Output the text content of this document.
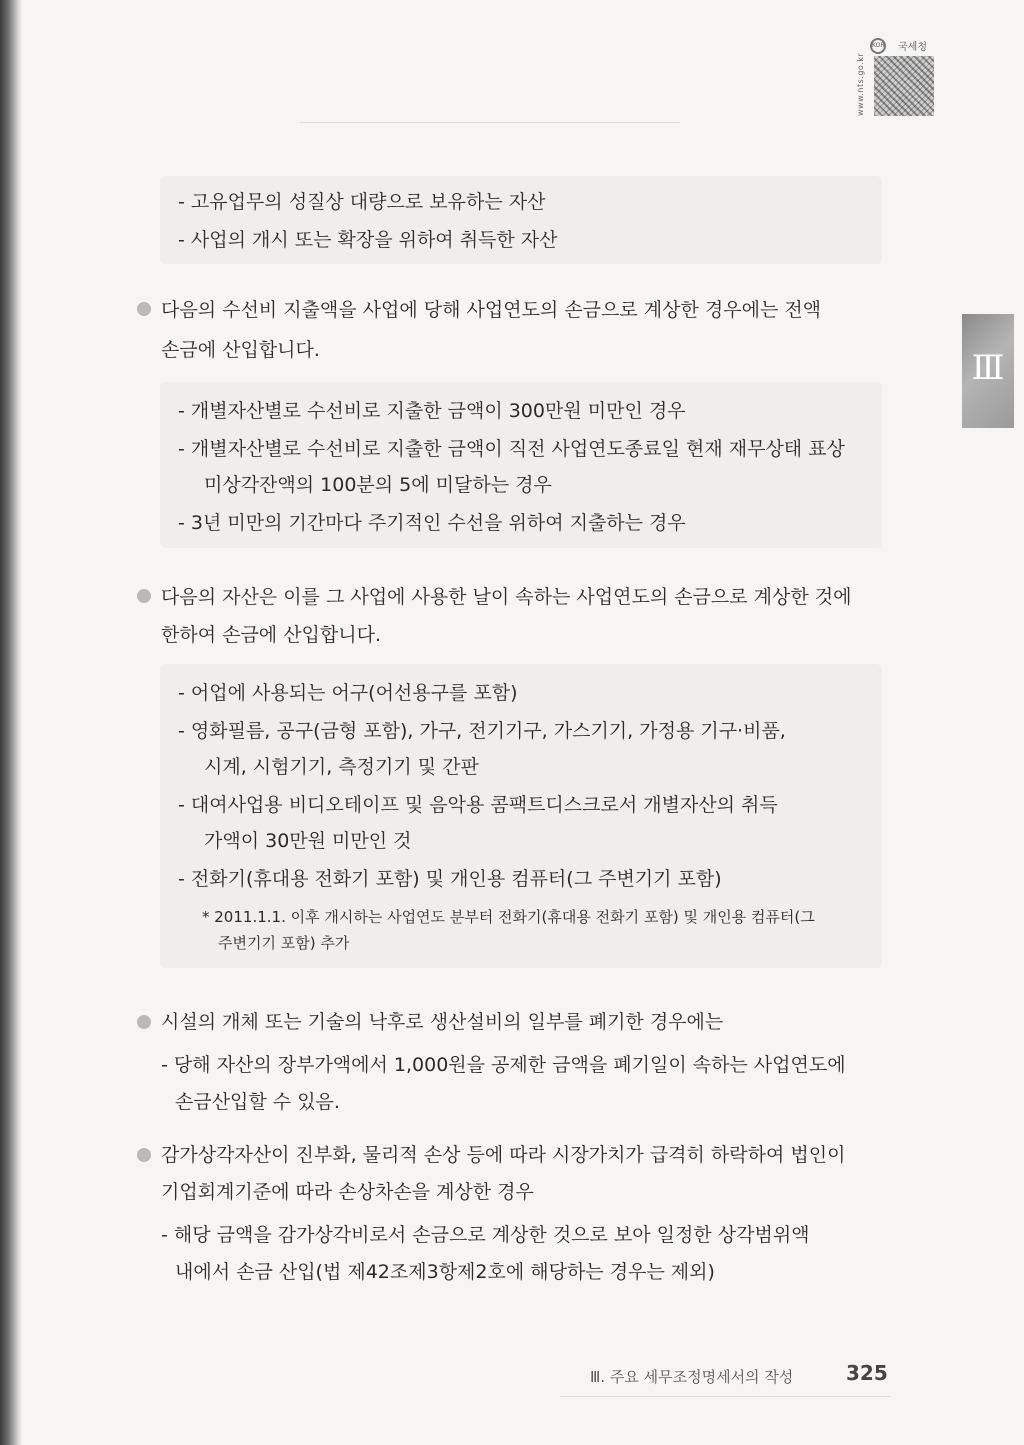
www.nts.go.kr
KOR 국세청
Ⅲ
- 고유업무의 성질상 대량으로 보유하는 자산
- 사업의 개시 또는 확장을 위하여 취득한 자산
다음의 수선비 지출액을 사업에 당해 사업연도의 손금으로 계상한 경우에는 전액
손금에 산입합니다.
- 개별자산별로 수선비로 지출한 금액이 300만원 미만인 경우
- 개별자산별로 수선비로 지출한 금액이 직전 사업연도종료일 현재 재무상태 표상
미상각잔액의 100분의 5에 미달하는 경우
- 3년 미만의 기간마다 주기적인 수선을 위하여 지출하는 경우
다음의 자산은 이를 그 사업에 사용한 날이 속하는 사업연도의 손금으로 계상한 것에
한하여 손금에 산입합니다.
- 어업에 사용되는 어구(어선용구를 포함)
- 영화필름, 공구(금형 포함), 가구, 전기기구, 가스기기, 가정용 기구·비품,
시계, 시험기기, 측정기기 및 간판
- 대여사업용 비디오테이프 및 음악용 콤팩트디스크로서 개별자산의 취득
가액이 30만원 미만인 것
- 전화기(휴대용 전화기 포함) 및 개인용 컴퓨터(그 주변기기 포함)
* 2011.1.1. 이후 개시하는 사업연도 분부터 전화기(휴대용 전화기 포함) 및 개인용 컴퓨터(그
주변기기 포함) 추가
시설의 개체 또는 기술의 낙후로 생산설비의 일부를 폐기한 경우에는
- 당해 자산의 장부가액에서 1,000원을 공제한 금액을 폐기일이 속하는 사업연도에
손금산입할 수 있음.
감가상각자산이 진부화, 물리적 손상 등에 따라 시장가치가 급격히 하락하여 법인이
기업회계기준에 따라 손상차손을 계상한 경우
- 해당 금액을 감가상각비로서 손금으로 계상한 것으로 보아 일정한 상각범위액
내에서 손금 산입(법 제42조제3항제2호에 해당하는 경우는 제외)
Ⅲ. 주요 세무조정명세서의 작성	325
